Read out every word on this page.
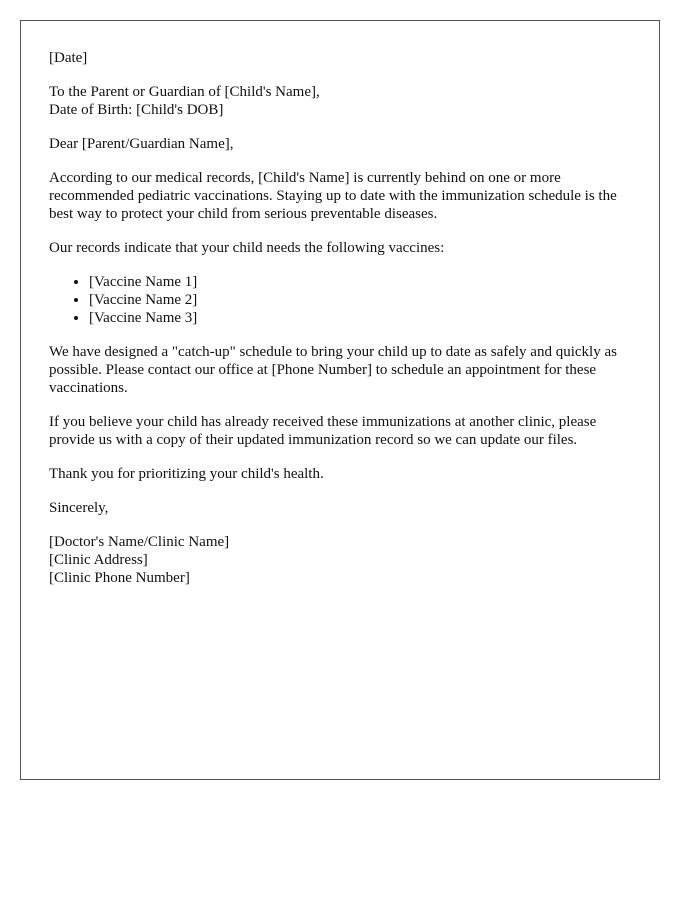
[Date]

To the Parent or Guardian of [Child's Name],
Date of Birth: [Child's DOB]

Dear [Parent/Guardian Name],

According to our medical records, [Child's Name] is currently behind on one or more recommended pediatric vaccinations. Staying up to date with the immunization schedule is the best way to protect your child from serious preventable diseases.

Our records indicate that your child needs the following vaccines:

• [Vaccine Name 1]
• [Vaccine Name 2]
• [Vaccine Name 3]

We have designed a "catch-up" schedule to bring your child up to date as safely and quickly as possible. Please contact our office at [Phone Number] to schedule an appointment for these vaccinations.

If you believe your child has already received these immunizations at another clinic, please provide us with a copy of their updated immunization record so we can update our files.

Thank you for prioritizing your child's health.

Sincerely,

[Doctor's Name/Clinic Name]
[Clinic Address]
[Clinic Phone Number]
